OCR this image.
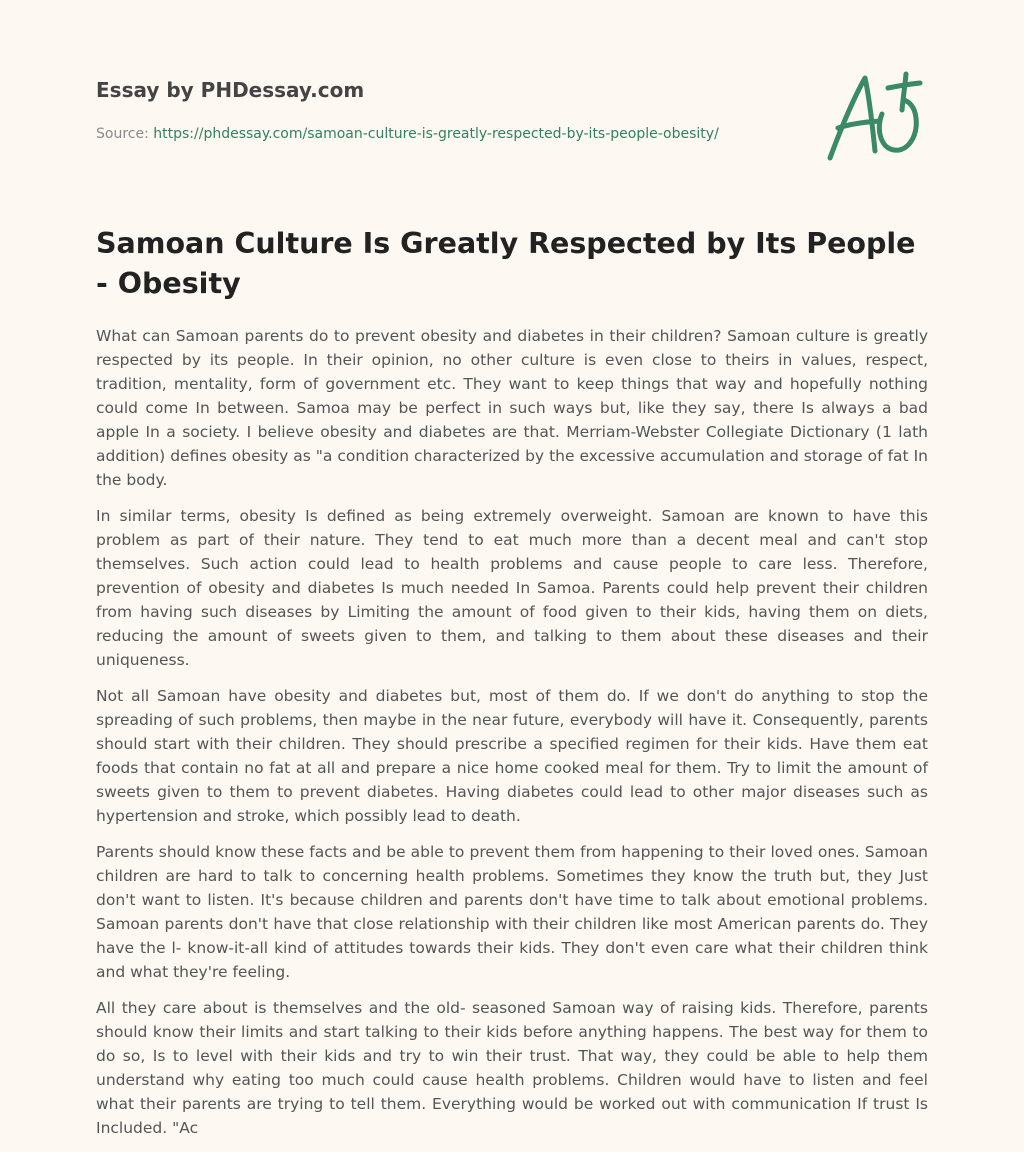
Essay by PHDessay.com
Source: https://phdessay.com/samoan-culture-is-greatly-respected-by-its-people-obesity/
Samoan Culture Is Greatly Respected by Its People - Obesity

What can Samoan parents do to prevent obesity and diabetes in their children? Samoan culture is greatly respected by its people. In their opinion, no other culture is even close to theirs in values, respect, tradition, mentality, form of government etc. They want to keep things that way and hopefully nothing could come In between. Samoa may be perfect in such ways but, like they say, there Is always a bad apple In a society. I believe obesity and diabetes are that. Merriam-Webster Collegiate Dictionary (1 lath addition) defines obesity as "a condition characterized by the excessive accumulation and storage of fat In the body.

In similar terms, obesity Is defined as being extremely overweight. Samoan are known to have this problem as part of their nature. They tend to eat much more than a decent meal and can't stop themselves. Such action could lead to health problems and cause people to care less. Therefore, prevention of obesity and diabetes Is much needed In Samoa. Parents could help prevent their children from having such diseases by Limiting the amount of food given to their kids, having them on diets, reducing the amount of sweets given to them, and talking to them about these diseases and their uniqueness.

Not all Samoan have obesity and diabetes but, most of them do. If we don't do anything to stop the spreading of such problems, then maybe in the near future, everybody will have it. Consequently, parents should start with their children. They should prescribe a specified regimen for their kids. Have them eat foods that contain no fat at all and prepare a nice home cooked meal for them. Try to limit the amount of sweets given to them to prevent diabetes. Having diabetes could lead to other major diseases such as hypertension and stroke, which possibly lead to death.

Parents should know these facts and be able to prevent them from happening to their loved ones. Samoan children are hard to talk to concerning health problems. Sometimes they know the truth but, they Just don't want to listen. It's because children and parents don't have time to talk about emotional problems. Samoan parents don't have that close relationship with their children like most American parents do. They have the l- know-it-all kind of attitudes towards their kids. They don't even care what their children think and what they're feeling.

All they care about is themselves and the old- seasoned Samoan way of raising kids. Therefore, parents should know their limits and start talking to their kids before anything happens. The best way for them to do so, Is to level with their kids and try to win their trust. That way, they could be able to help them understand why eating too much could cause health problems. Children would have to listen and feel what their parents are trying to tell them. Everything would be worked out with communication If trust Is Included. "Ac
